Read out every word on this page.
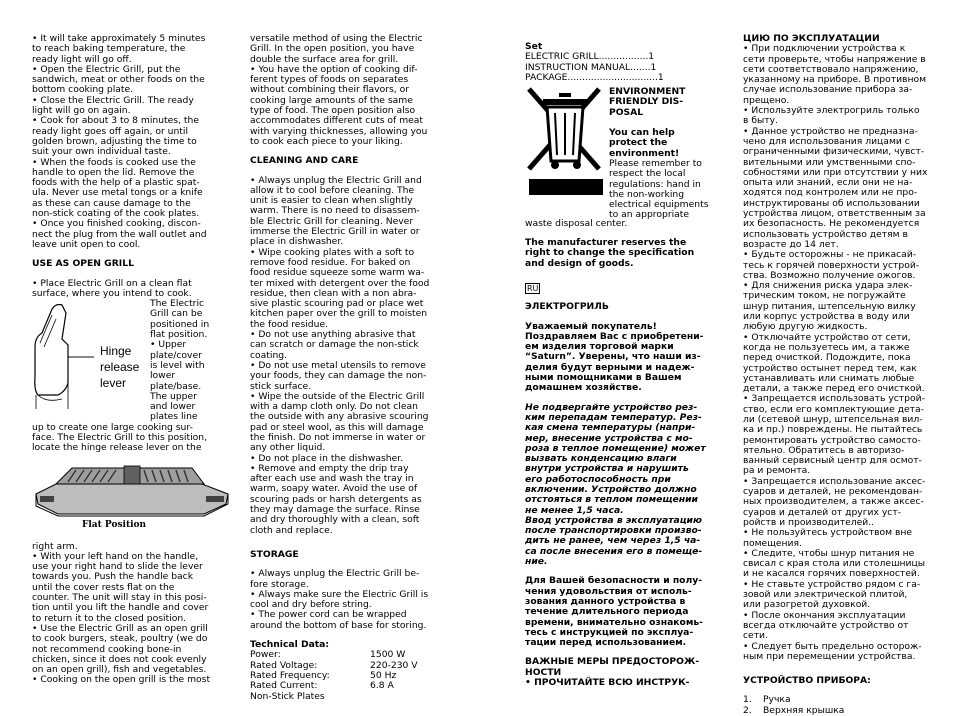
• It will take approximately 5 minutes
to reach baking temperature, the
ready light will go off.
• Open the Electric Grill, put the
sandwich, meat or other foods on the
bottom cooking plate.
• Close the Electric Grill. The ready
light will go on again.
• Cook for about 3 to 8 minutes, the
ready light goes off again, or until
golden brown, adjusting the time to
suit your own individual taste.
• When the foods is cooked use the
handle to open the lid. Remove the
foods with the help of a plastic spat-
ula. Never use metal tongs or a knife
as these can cause damage to the
non-stick coating of the cook plates.
• Once you finished cooking, discon-
nect the plug from the wall outlet and
leave unit open to cool.

USE AS OPEN GRILL

• Place Electric Grill on a clean flat
surface, where you intend to cook.
Hinge
release
lever
The Electric
Grill can be
positioned in
flat position.
• Upper
plate/cover
is level with
lower
plate/base.
The upper
and lower
plates line
up to create one large cooking sur-
face. The Electric Grill to this position,
locate the hinge release lever on the
Flat Position
right arm.
• With your left hand on the handle,
use your right hand to slide the lever
towards you. Push the handle back
until the cover rests flat on the
counter. The unit will stay in this posi-
tion until you lift the handle and cover
to return it to the closed position.
• Use the Electric Grill as an open grill
to cook burgers, steak, poultry (we do
not recommend cooking bone-in
chicken, since it does not cook evenly
on an open grill), fish and vegetables.
• Cooking on the open grill is the most
versatile method of using the Electric
Grill. In the open position, you have
double the surface area for grill.
• You have the option of cooking dif-
ferent types of foods on separates
without combining their flavors, or
cooking large amounts of the same
type of food. The open position also
accommodates different cuts of meat
with varying thicknesses, allowing you
to cook each piece to your liking.

CLEANING AND CARE

• Always unplug the Electric Grill and
allow it to cool before cleaning. The
unit is easier to clean when slightly
warm. There is no need to disassem-
ble Electric Grill for cleaning. Never
immerse the Electric Grill in water or
place in dishwasher.
• Wipe cooking plates with a soft to
remove food residue. For baked on
food residue squeeze some warm wa-
ter mixed with detergent over the food
residue, then clean with a non abra-
sive plastic scouring pad or place wet
kitchen paper over the grill to moisten
the food residue.
• Do not use anything abrasive that
can scratch or damage the non-stick
coating.
• Do not use metal utensils to remove
your foods, they can damage the non-
stick surface.
• Wipe the outside of the Electric Grill
with a damp cloth only. Do not clean
the outside with any abrasive scouring
pad or steel wool, as this will damage
the finish. Do not immerse in water or
any other liquid.
• Do not place in the dishwasher.
• Remove and empty the drip tray
after each use and wash the tray in
warm, soapy water. Avoid the use of
scouring pads or harsh detergents as
they may damage the surface. Rinse
and dry thoroughly with a clean, soft
cloth and replace.

STORAGE

• Always unplug the Electric Grill be-
fore storage.
• Always make sure the Electric Grill is
cool and dry before string.
• The power cord can be wrapped
around the bottom of base for storing.

Technical Data:

Power:	1500 W
Rated Voltage:	220-230 V
Rated Frequency:	50 Hz
Rated Current:	6.8 A
Non-Stick Plates

Set

ELECTRIC GRILL.................1
INSTRUCTION MANUAL.......1
PACKAGE...............................1
ENVIRONMENT
FRIENDLY DIS-
POSAL
You can help
protect the
environment!
Please remember to
respect the local
regulations: hand in
the non-working
electrical equipments
to an appropriate

waste disposal center.

The manufacturer reserves the
right to change the specification
and design of goods.
RU

ЭЛЕКТРОГРИЛЬ

Уважаемый покупатель!
Поздравляем Вас с приобретени-
ем изделия торговой марки
“Saturn”. Уверены, что наши из-
делия будут верными и надеж-
ными помощниками в Вашем
домашнем хозяйстве.
Не подвергайте устройство рез-
ким перепадам температур. Рез-
кая смена температуры (напри-
мер, внесение устройства с мо-
роза в теплое помещение) может
вызвать конденсацию влаги
внутри устройства и нарушить
его работоспособность при
включении. Устройство должно
отстояться в теплом помещении
не менее 1,5 часа.
Ввод устройства в эксплуатацию
после транспортировки произво-
дить не ранее, чем через 1,5 ча-
са после внесения его в помеще-
ние.
Для Вашей безопасности и полу-
чения удовольствия от исполь-
зования данного устройства в
течение длительного периода
времени, внимательно ознакомь-
тесь с инструкцией по эксплуа-
тации перед использованием.
ВАЖНЫЕ МЕРЫ ПРЕДОСТОРОЖ-
НОСТИ
• ПРОЧИТАЙТЕ ВСЮ ИНСТРУК-

ЦИЮ ПО ЭКСПЛУАТАЦИИ

• При подключении устройства к
сети проверьте, чтобы напряжение в
сети соответствовало напряжению,
указанному на приборе. В противном
случае использование прибора за-
прещено.
• Используйте электрогриль только
в быту.
• Данное устройство не предназна-
чено для использования лицами с
ограниченными физическими, чувст-
вительными или умственными спо-
собностями или при отсутствии у них
опыта или знаний, если они не на-
ходятся под контролем или не про-
инструктированы об использовании
устройства лицом, ответственным за
их безопасность. Не рекомендуется
использовать устройство детям в
возрасте до 14 лет.
• Будьте осторожны - не прикасай-
тесь к горячей поверхности устрой-
ства. Возможно получение ожогов.
• Для снижения риска удара элек-
трическим током, не погружайте
шнур питания, штепсельную вилку
или корпус устройства в воду или
любую другую жидкость.
• Отключайте устройство от сети,
когда не пользуетесь им, а также
перед очисткой. Подождите, пока
устройство остынет перед тем, как
устанавливать или снимать любые
детали, а также перед его очисткой.
• Запрещается использовать устрой-
ство, если его комплектующие дета-
ли (сетевой шнур, штепсельная вил-
ка и пр.) повреждены. Не пытайтесь
ремонтировать устройство самосто-
ятельно. Обратитесь в авторизо-
ванный сервисный центр для осмот-
ра и ремонта.
• Запрещается использование аксес-
суаров и деталей, не рекомендован-
ных производителем, а также аксес-
суаров и деталей от других уст-
ройств и производителей..
• Не пользуйтесь устройством вне
помещения.
• Следите, чтобы шнур питания не
свисал с края стола или столешницы
и не касался горячих поверхностей.
• Не ставьте устройство рядом с га-
зовой или электрической плитой,
или разогретой духовкой.
• После окончания эксплуатации
всегда отключайте устройство от
сети.
• Следует быть предельно осторож-
ным при перемещении устройства.

УСТРОЙСТВО ПРИБОРА:

1. Ручка
2. Верхняя крышка
